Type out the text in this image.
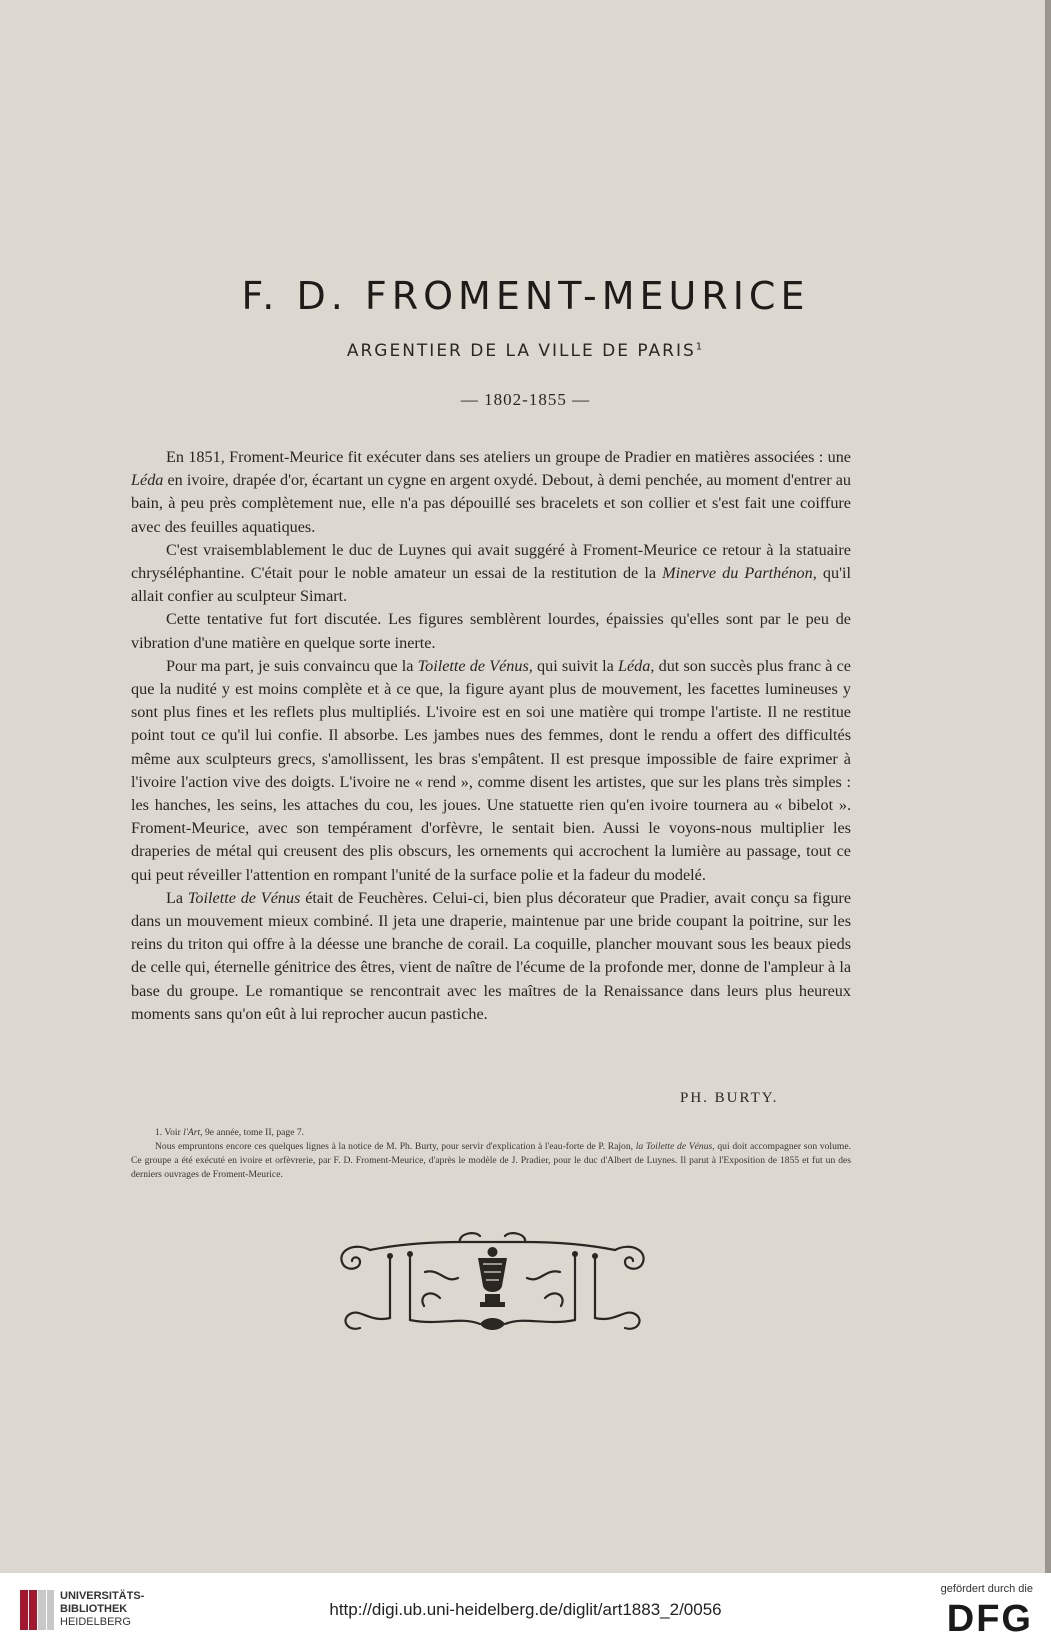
F. D. FROMENT-MEURICE
ARGENTIER DE LA VILLE DE PARIS$^1$
— 1802-1855 —

En 1851, Froment-Meurice fit exécuter dans ses ateliers un groupe de Pradier en matières associées : une Léda en ivoire, drapée d'or, écartant un cygne en argent oxydé. Debout, à demi penchée, au moment d'entrer au bain, à peu près complètement nue, elle n'a pas dépouillé ses bracelets et son collier et s'est fait une coiffure avec des feuilles aquatiques.

C'est vraisemblablement le duc de Luynes qui avait suggéré à Froment-Meurice ce retour à la statuaire chryséléphantine. C'était pour le noble amateur un essai de la restitution de la Minerve du Parthénon, qu'il allait confier au sculpteur Simart.

Cette tentative fut fort discutée. Les figures semblèrent lourdes, épaissies qu'elles sont par le peu de vibration d'une matière en quelque sorte inerte.

Pour ma part, je suis convaincu que la Toilette de Vénus, qui suivit la Léda, dut son succès plus franc à ce que la nudité y est moins complète et à ce que, la figure ayant plus de mouvement, les facettes lumineuses y sont plus fines et les reflets plus multipliés. L'ivoire est en soi une matière qui trompe l'artiste. Il ne restitue point tout ce qu'il lui confie. Il absorbe. Les jambes nues des femmes, dont le rendu a offert des difficultés même aux sculpteurs grecs, s'amollissent, les bras s'empâtent. Il est presque impossible de faire exprimer à l'ivoire l'action vive des doigts. L'ivoire ne « rend », comme disent les artistes, que sur les plans très simples : les hanches, les seins, les attaches du cou, les joues. Une statuette rien qu'en ivoire tournera au « bibelot ». Froment-Meurice, avec son tempérament d'orfèvre, le sentait bien. Aussi le voyons-nous multiplier les draperies de métal qui creusent des plis obscurs, les ornements qui accrochent la lumière au passage, tout ce qui peut réveiller l'attention en rompant l'unité de la surface polie et la fadeur du modelé.

La Toilette de Vénus était de Feuchères. Celui-ci, bien plus décorateur que Pradier, avait conçu sa figure dans un mouvement mieux combiné. Il jeta une draperie, maintenue par une bride coupant la poitrine, sur les reins du triton qui offre à la déesse une branche de corail. La coquille, plancher mouvant sous les beaux pieds de celle qui, éternelle génitrice des êtres, vient de naître de l'écume de la profonde mer, donne de l'ampleur à la base du groupe. Le romantique se rencontrait avec les maîtres de la Renaissance dans leurs plus heureux moments sans qu'on eût à lui reprocher aucun pastiche.

PH. BURTY.

1. Voir l'Art, 9e année, tome II, page 7.

Nous empruntons encore ces quelques lignes à la notice de M. Ph. Burty, pour servir d'explication à l'eau-forte de P. Rajon, la Toilette de Vénus, qui doit accompagner son volume. Ce groupe a été exécuté en ivoire et orfèvrerie, par F. D. Froment-Meurice, d'après le modèle de J. Pradier, pour le duc d'Albert de Luynes. Il parut à l'Exposition de 1855 et fut un des derniers ouvrages de Froment-Meurice.

UNIVERSITÄTS-
BIBLIOTHEK
HEIDELBERG
http://digi.ub.uni-heidelberg.de/diglit/art1883_2/0056
gefördert durch die
DFG
